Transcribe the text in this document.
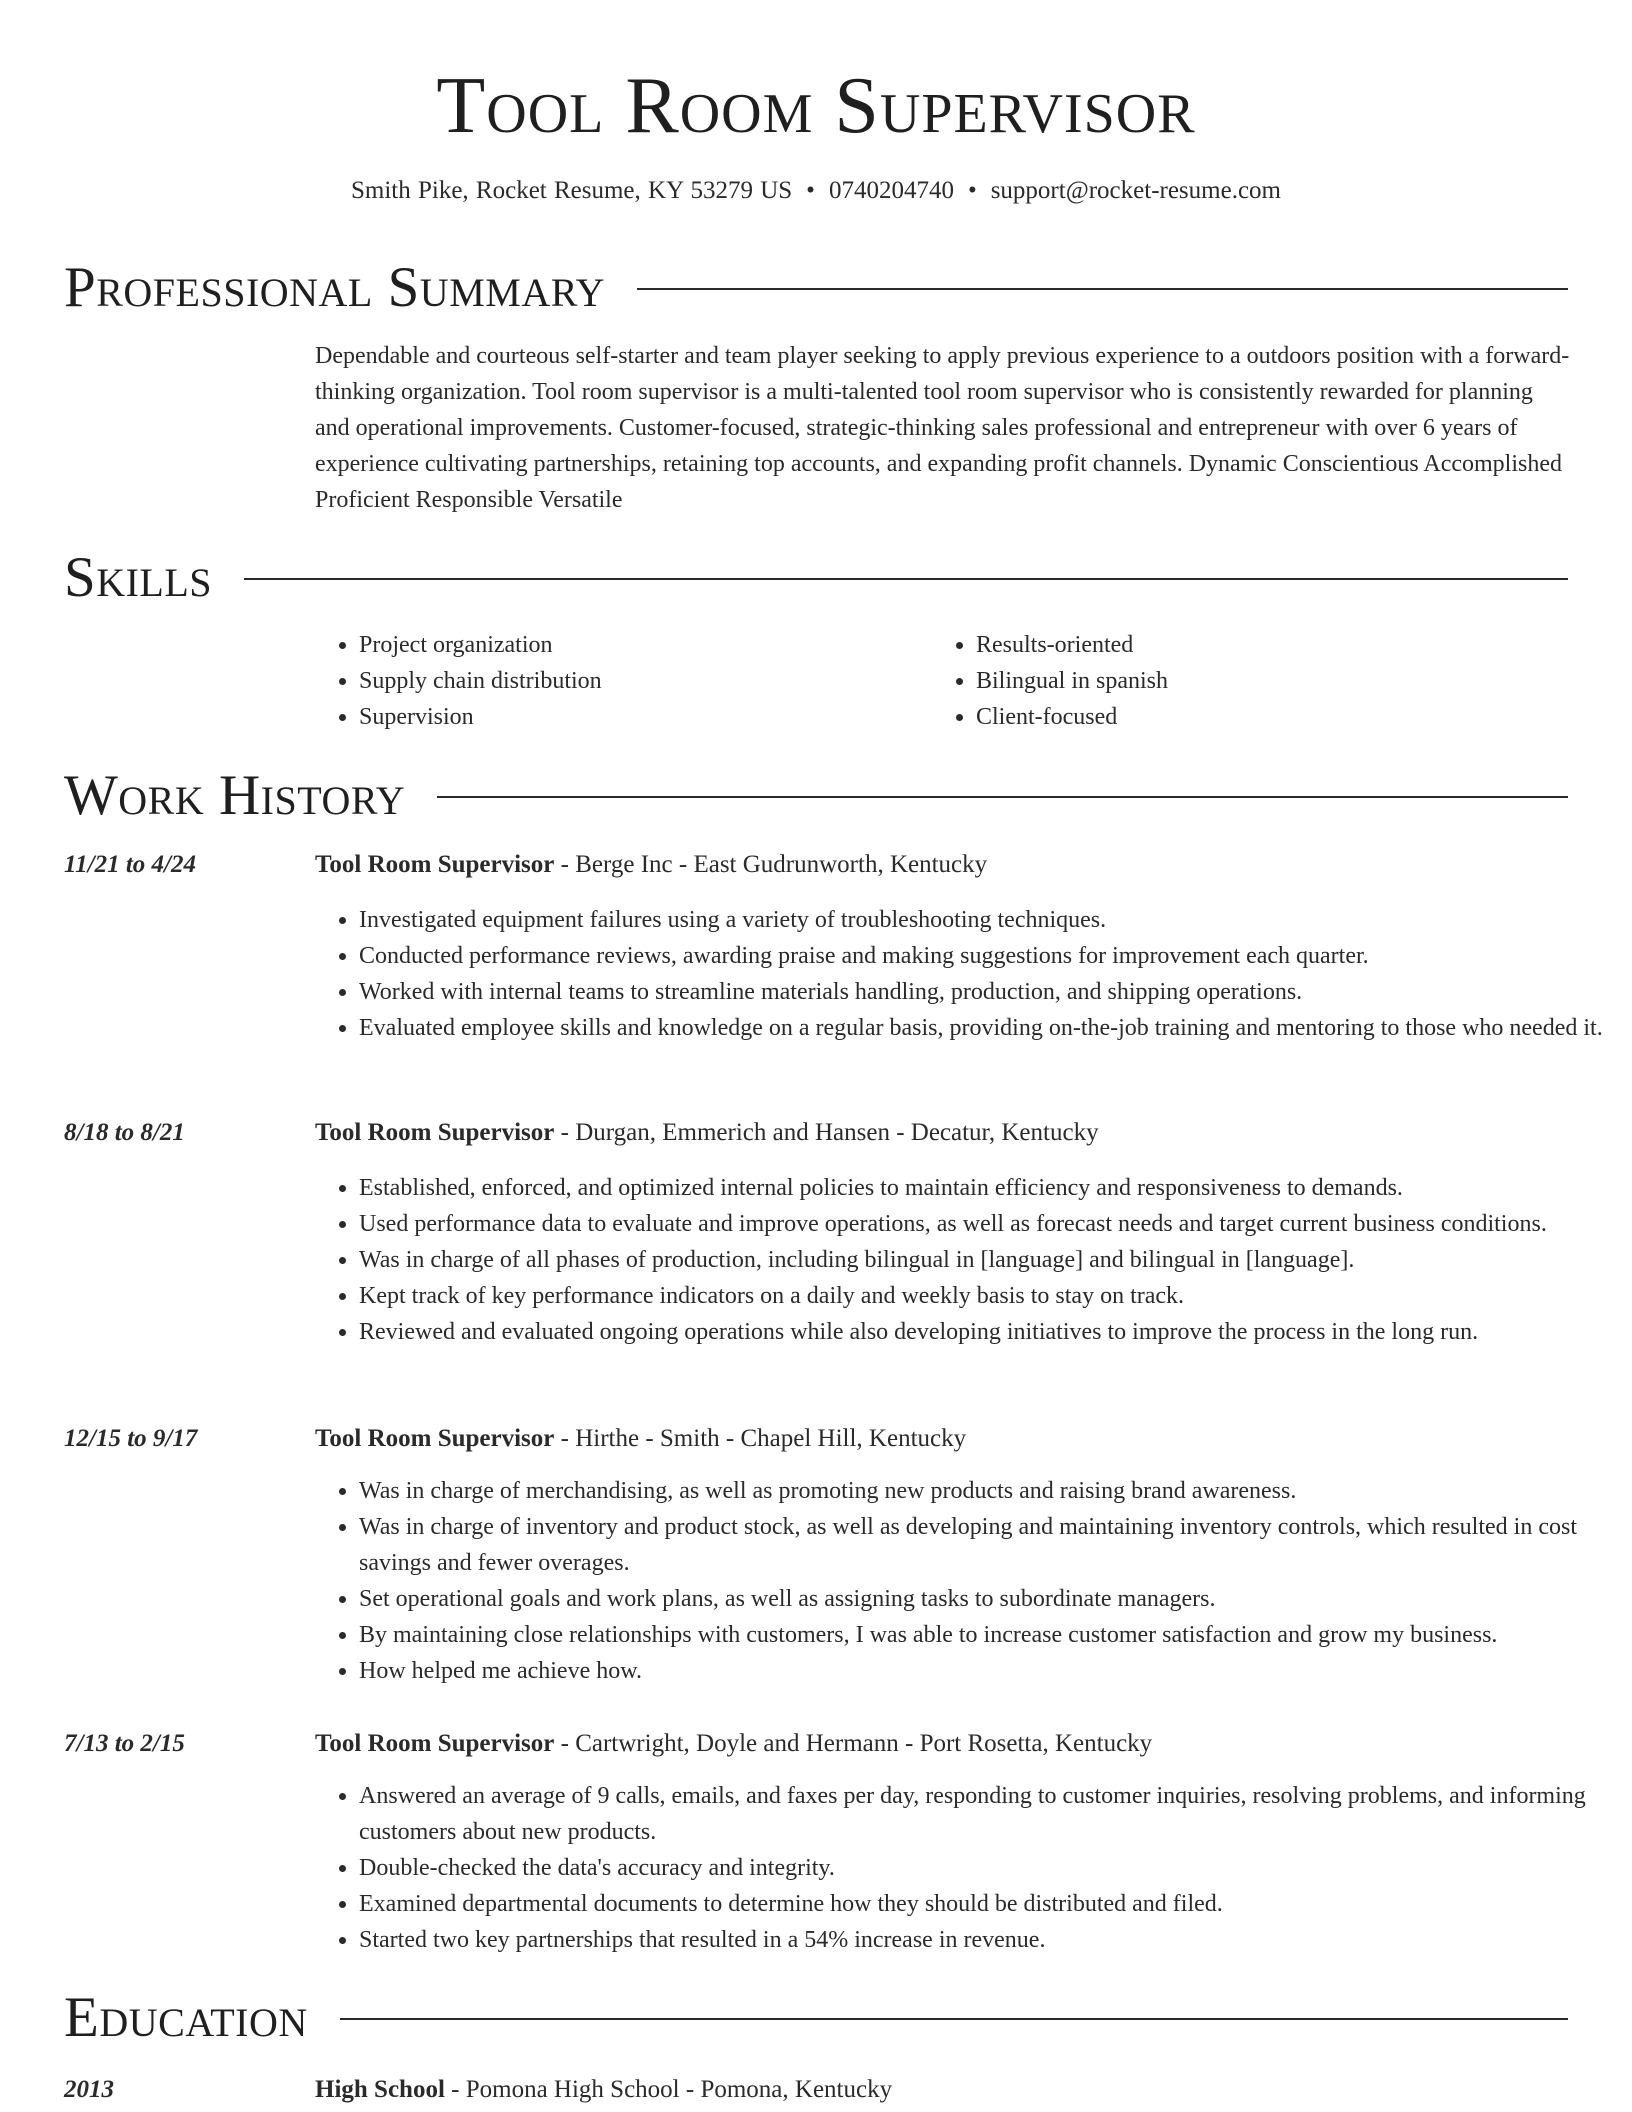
Tool Room Supervisor
Smith Pike, Rocket Resume, KY 53279 US • 0740204740 • support@rocket-resume.com
Professional Summary

Dependable and courteous self-starter and team player seeking to apply previous experience to a outdoors position with a forward-thinking organization. Tool room supervisor is a multi-talented tool room supervisor who is consistently rewarded for planning and operational improvements. Customer-focused, strategic-thinking sales professional and entrepreneur with over 6 years of experience cultivating partnerships, retaining top accounts, and expanding profit channels. Dynamic Conscientious Accomplished Proficient Responsible Versatile

Skills
• Project organization
• Supply chain distribution
• Supervision
• Results-oriented
• Bilingual in spanish
• Client-focused
Work History
11/21 to 4/24	Tool Room Supervisor - Berge Inc - East Gudrunworth, Kentucky
• Investigated equipment failures using a variety of troubleshooting techniques.
• Conducted performance reviews, awarding praise and making suggestions for improvement each quarter.
• Worked with internal teams to streamline materials handling, production, and shipping operations.
• Evaluated employee skills and knowledge on a regular basis, providing on-the-job training and mentoring to those who needed it.
8/18 to 8/21	Tool Room Supervisor - Durgan, Emmerich and Hansen - Decatur, Kentucky
• Established, enforced, and optimized internal policies to maintain efficiency and responsiveness to demands.
• Used performance data to evaluate and improve operations, as well as forecast needs and target current business conditions.
• Was in charge of all phases of production, including bilingual in [language] and bilingual in [language].
• Kept track of key performance indicators on a daily and weekly basis to stay on track.
• Reviewed and evaluated ongoing operations while also developing initiatives to improve the process in the long run.
12/15 to 9/17	Tool Room Supervisor - Hirthe - Smith - Chapel Hill, Kentucky
• Was in charge of merchandising, as well as promoting new products and raising brand awareness.
• Was in charge of inventory and product stock, as well as developing and maintaining inventory controls, which resulted in cost savings and fewer overages.
• Set operational goals and work plans, as well as assigning tasks to subordinate managers.
• By maintaining close relationships with customers, I was able to increase customer satisfaction and grow my business.
• How helped me achieve how.
7/13 to 2/15	Tool Room Supervisor - Cartwright, Doyle and Hermann - Port Rosetta, Kentucky
• Answered an average of 9 calls, emails, and faxes per day, responding to customer inquiries, resolving problems, and informing customers about new products.
• Double-checked the data's accuracy and integrity.
• Examined departmental documents to determine how they should be distributed and filed.
• Started two key partnerships that resulted in a 54% increase in revenue.
Education
2013	High School - Pomona High School - Pomona, Kentucky
